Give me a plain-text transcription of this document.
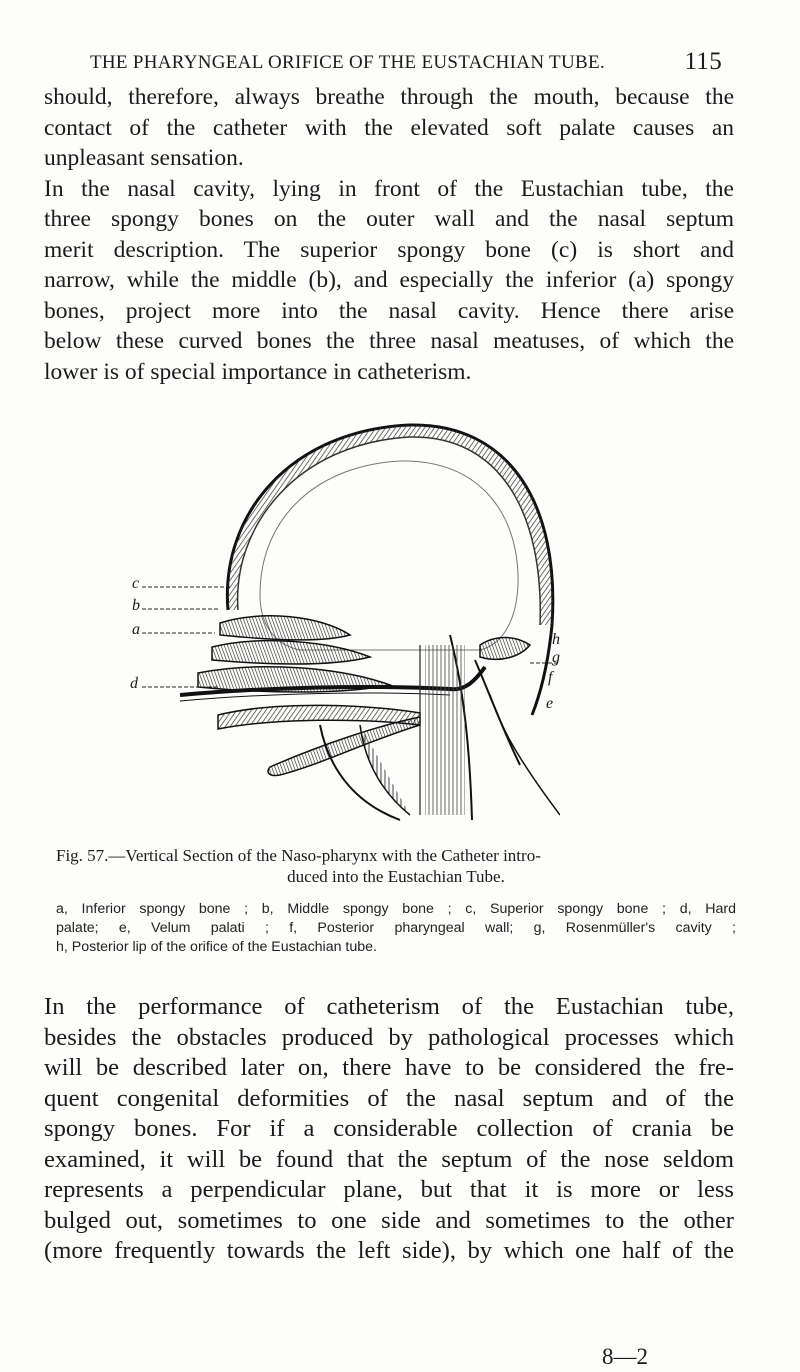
THE PHARYNGEAL ORIFICE OF THE EUSTACHIAN TUBE.	115
should, therefore, always breathe through the mouth, because the
contact of the catheter with the elevated soft palate causes an
unpleasant sensation.
In the nasal cavity, lying in front of the Eustachian tube, the
three spongy bones on the outer wall and the nasal septum
merit description. The superior spongy bone (c) is short and
narrow, while the middle (b), and especially the inferior (a) spongy
bones, project more into the nasal cavity. Hence there arise
below these curved bones the three nasal meatuses, of which the
lower is of special importance in catheterism.
c
b
a
d
h
g
f
e
Fig. 57.—Vertical Section of the Naso-pharynx with the Catheter intro-
duced into the Eustachian Tube.
a, Inferior spongy bone ; b, Middle spongy bone ; c, Superior spongy bone ; d, Hard
palate; e, Velum palati ; f, Posterior pharyngeal wall; g, Rosenmüller's cavity ;
h, Posterior lip of the orifice of the Eustachian tube.
In the performance of catheterism of the Eustachian tube,
besides the obstacles produced by pathological processes which
will be described later on, there have to be considered the fre-
quent congenital deformities of the nasal septum and of the
spongy bones. For if a considerable collection of crania be
examined, it will be found that the septum of the nose seldom
represents a perpendicular plane, but that it is more or less
bulged out, sometimes to one side and sometimes to the other
(more frequently towards the left side), by which one half of the
8—2
